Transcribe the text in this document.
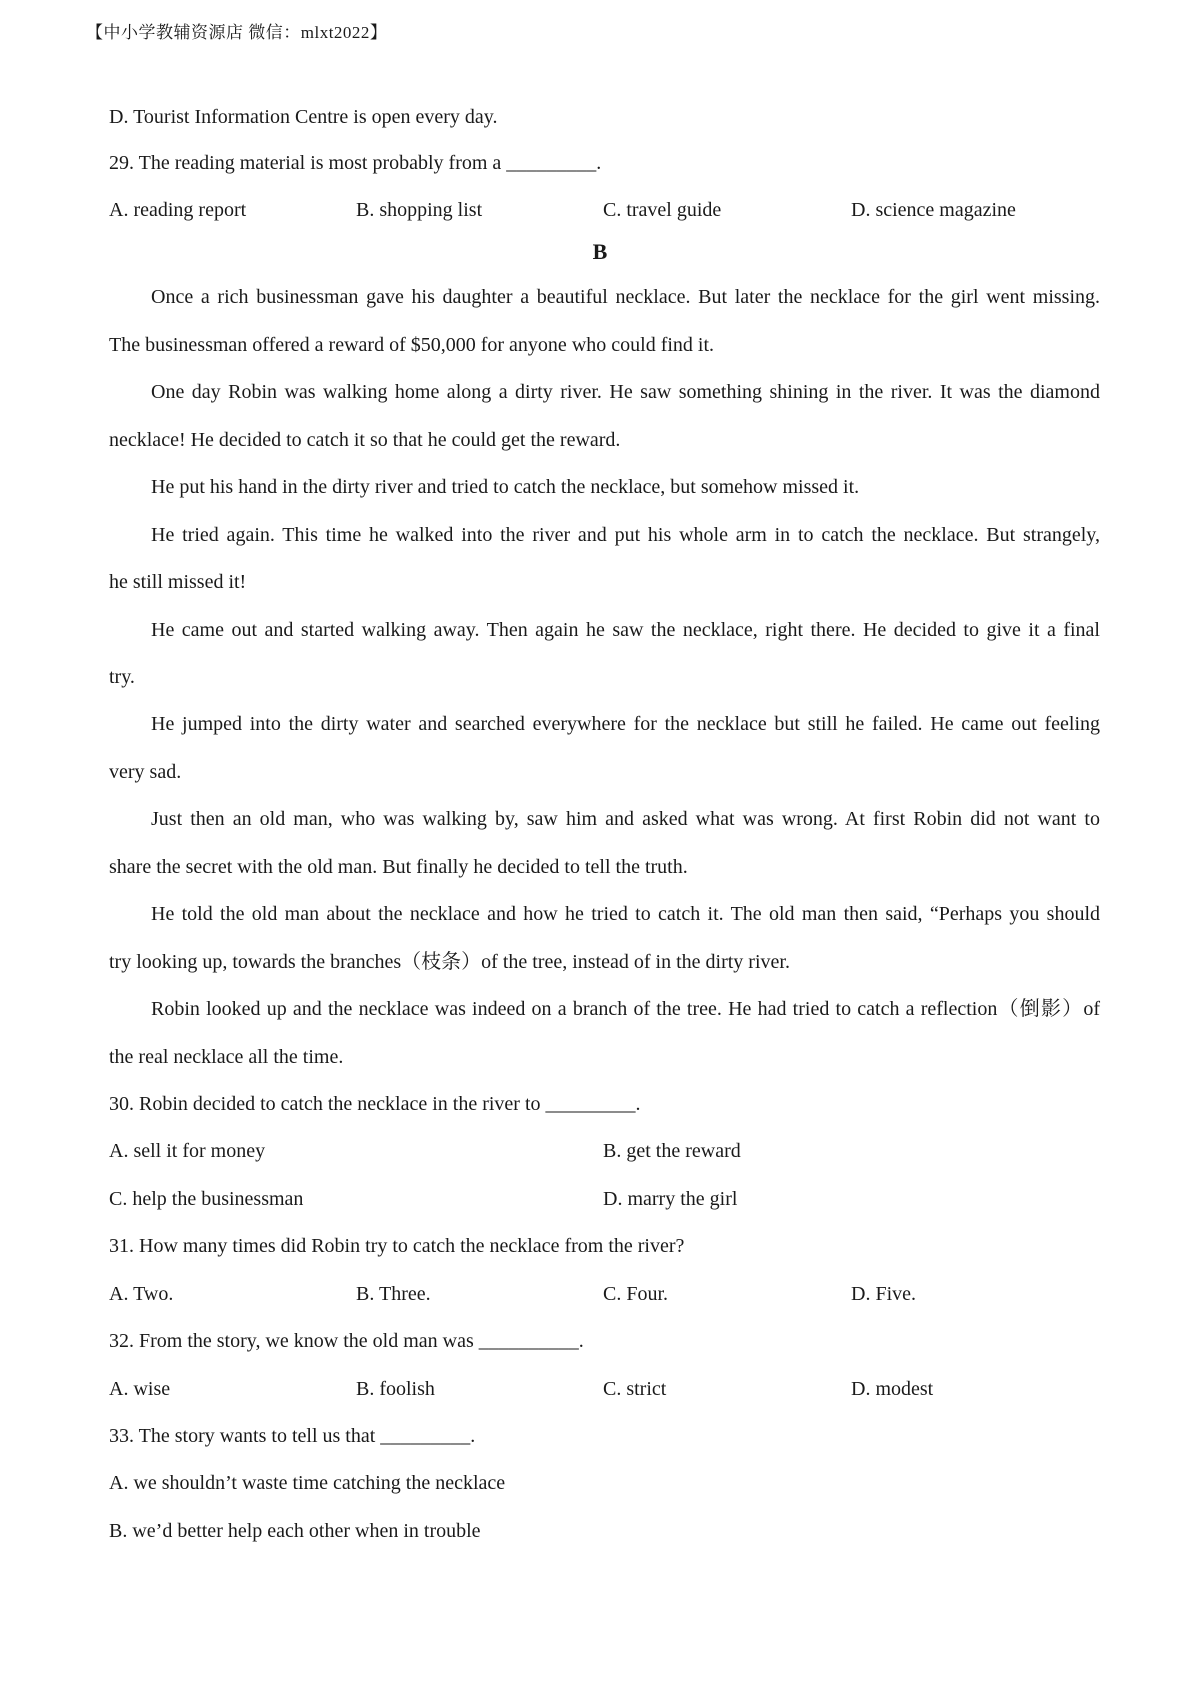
【中小学教辅资源店 微信：mlxt2022】
D. Tourist Information Centre is open every day.
29. The reading material is most probably from a _________.
A. reading report	B. shopping list	C. travel guide	D. science magazine
B
Once a rich businessman gave his daughter a beautiful necklace. But later the necklace for the girl went missing.
The businessman offered a reward of $50,000 for anyone who could find it.
One day Robin was walking home along a dirty river. He saw something shining in the river. It was the diamond
necklace! He decided to catch it so that he could get the reward.
He put his hand in the dirty river and tried to catch the necklace, but somehow missed it.
He tried again. This time he walked into the river and put his whole arm in to catch the necklace. But strangely,
he still missed it!
He came out and started walking away. Then again he saw the necklace, right there. He decided to give it a final
try.
He jumped into the dirty water and searched everywhere for the necklace but still he failed. He came out feeling
very sad.
Just then an old man, who was walking by, saw him and asked what was wrong. At first Robin did not want to
share the secret with the old man. But finally he decided to tell the truth.
He told the old man about the necklace and how he tried to catch it. The old man then said, “Perhaps you should
try looking up, towards the branches（枝条）of the tree, instead of in the dirty river.
Robin looked up and the necklace was indeed on a branch of the tree. He had tried to catch a reflection（倒影）of
the real necklace all the time.
30. Robin decided to catch the necklace in the river to _________.
A. sell it for money	B. get the reward
C. help the businessman	D. marry the girl
31. How many times did Robin try to catch the necklace from the river?
A. Two.	B. Three.	C. Four.	D. Five.
32. From the story, we know the old man was __________.
A. wise	B. foolish	C. strict	D. modest
33. The story wants to tell us that _________.
A. we shouldn’t waste time catching the necklace
B. we’d better help each other when in trouble
